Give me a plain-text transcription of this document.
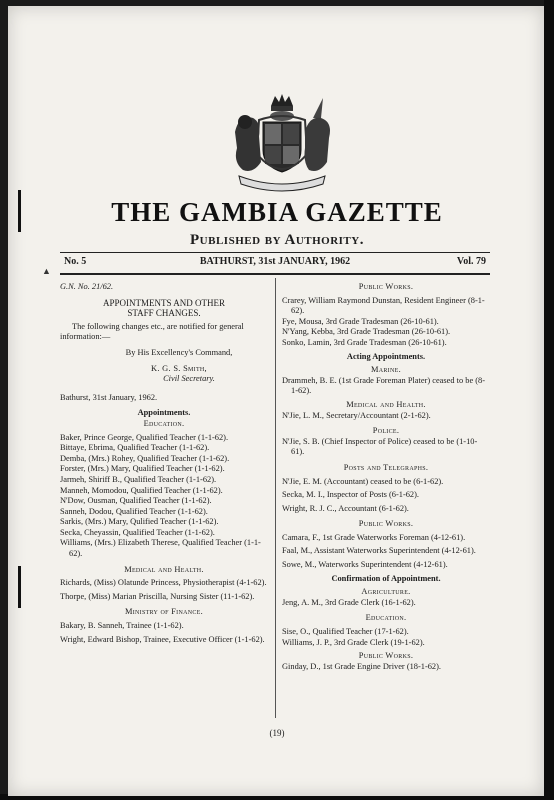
▲
THE GAMBIA GAZETTE
Published by Authority.
No. 5	BATHURST, 31st JANUARY, 1962	Vol. 79

G.N. No. 21/62.

APPOINTMENTS AND OTHER

STAFF CHANGES.

The following changes etc., are notified for general information:—

By His Excellency's Command,

K. G. S. Smith,

Civil Secretary.

Bathurst, 31st January, 1962.

Appointments.

Education.

Baker, Prince George, Qualified Teacher (1-1-62).

Bittaye, Ebrima, Qualified Teacher (1-1-62).

Demba, (Mrs.) Rohey, Qualified Teacher (1-1-62).

Forster, (Mrs.) Mary, Qualified Teacher (1-1-62).

Jarmeh, Shiriff B., Qualified Teacher (1-1-62).

Manneh, Momodou, Qualified Teacher (1-1-62).

N'Dow, Ousman, Qualified Teacher (1-1-62).

Sanneh, Dodou, Qualified Teacher (1-1-62).

Sarkis, (Mrs.) Mary, Qulified Teacher (1-1-62).

Secka, Cheyassin, Qualified Teacher (1-1-62).

Williams, (Mrs.) Elizabeth Therese, Qualified Teacher (1-1-62).

Medical and Health.

Richards, (Miss) Olatunde Princess, Physiotherapist (4-1-62).

Thorpe, (Miss) Marian Priscilla, Nursing Sister (11-1-62).

Ministry of Finance.

Bakary, B. Sanneh, Trainee (1-1-62).

Wright, Edward Bishop, Trainee, Executive Officer (1-1-62).

Public Works.

Crarey, William Raymond Dunstan, Resident Engineer (8-1-62).

Fye, Mousa, 3rd Grade Tradesman (26-10-61).

N'Yang, Kebba, 3rd Grade Tradesman (26-10-61).

Sonko, Lamin, 3rd Grade Tradesman (26-10-61).

Acting Appointments.

Marine.

Drammeh, B. E. (1st Grade Foreman Plater) ceased to be (8-1-62).

Medical and Health.

N'Jie, L. M., Secretary/Accountant (2-1-62).

Police.

N'Jie, S. B. (Chief Inspector of Police) ceased to be (1-10-61).

Posts and Telegraphs.

N'Jie, E. M. (Accountant) ceased to be (6-1-62).

Secka, M. I., Inspector of Posts (6-1-62).

Wright, R. J. C., Accountant (6-1-62).

Public Works.

Camara, F., 1st Grade Waterworks Foreman (4-12-61).

Faal, M., Assistant Waterworks Superintendent (4-12-61).

Sowe, M., Waterworks Superintendent (4-12-61).

Confirmation of Appointment.

Agriculture.

Jeng, A. M., 3rd Grade Clerk (16-1-62).

Education.

Sise, O., Qualified Teacher (17-1-62).

Williams, J. P., 3rd Grade Clerk (19-1-62).

Public Works.

Ginday, D., 1st Grade Engine Driver (18-1-62).

(19)
